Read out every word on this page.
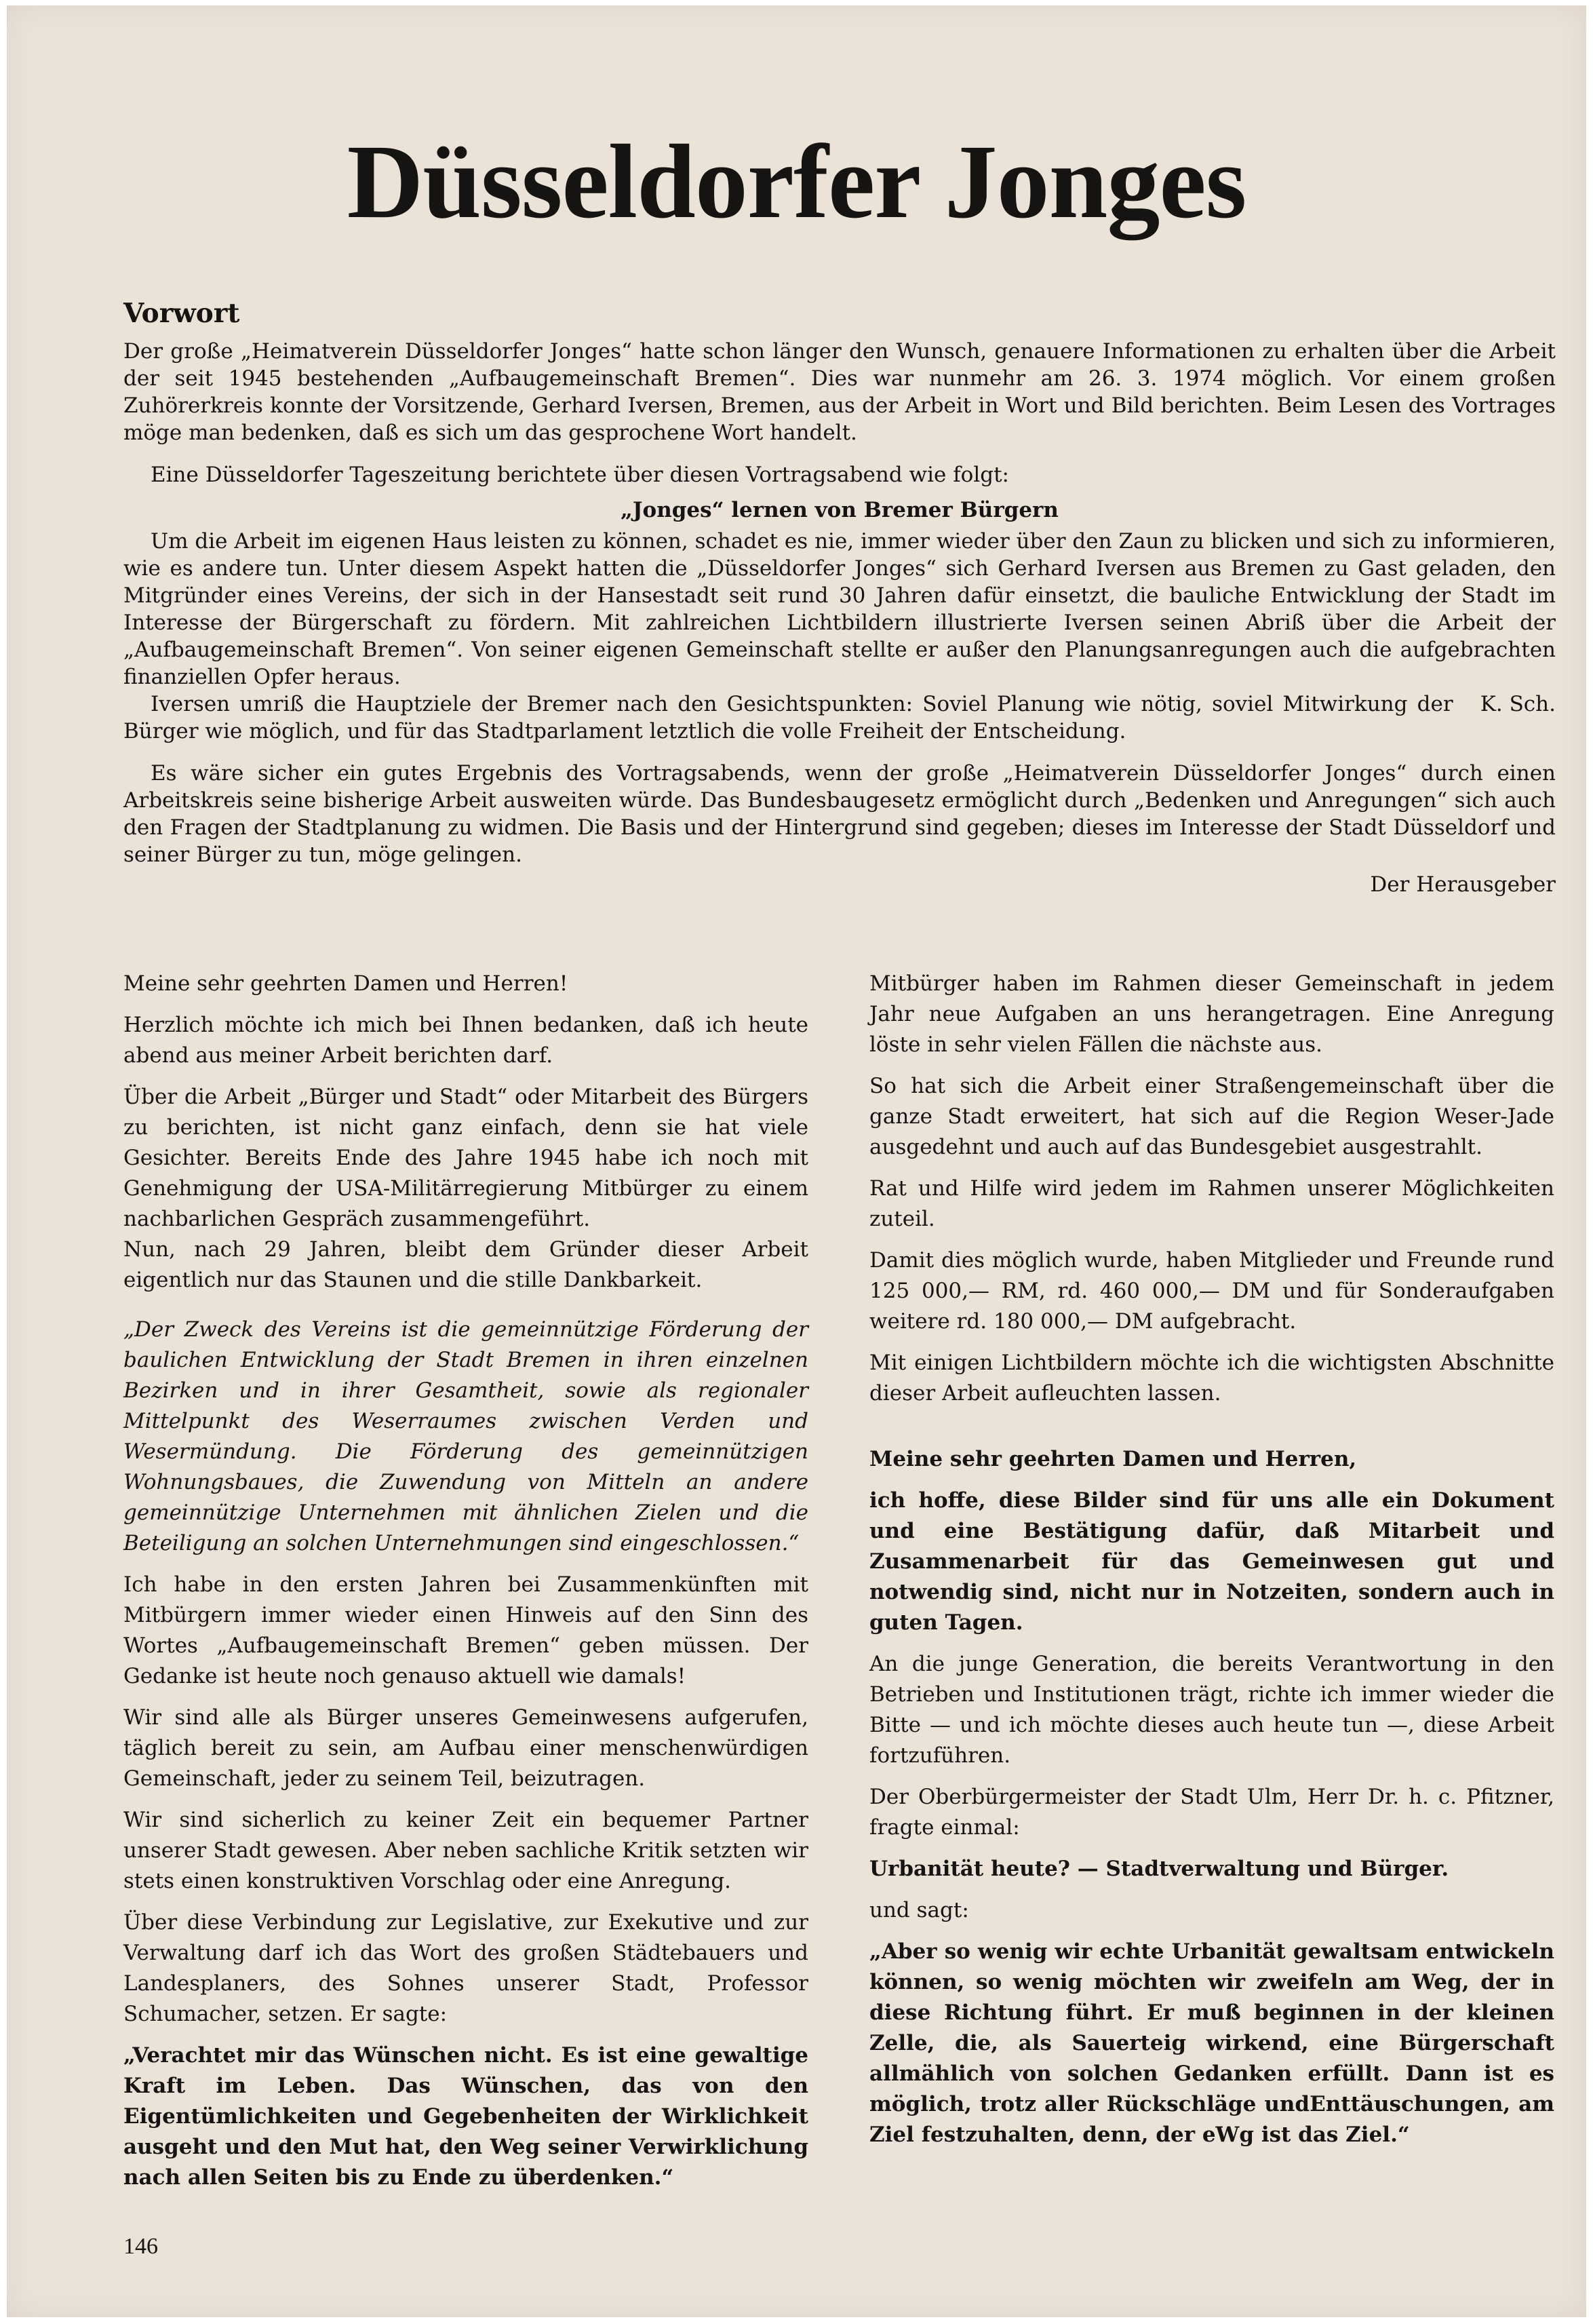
Düsseldorfer Jonges

Vorwort

Der große „Heimatverein Düsseldorfer Jonges“ hatte schon länger den Wunsch, genauere Informationen zu erhalten über die Arbeit der seit 1945 bestehenden „Aufbaugemeinschaft Bremen“. Dies war nunmehr am 26. 3. 1974 möglich. Vor einem großen Zuhörerkreis konnte der Vorsitzende, Gerhard Iversen, Bremen, aus der Arbeit in Wort und Bild berichten. Beim Lesen des Vortrages möge man bedenken, daß es sich um das gesprochene Wort handelt.

Eine Düsseldorfer Tageszeitung berichtete über diesen Vortragsabend wie folgt:

„Jonges“ lernen von Bremer Bürgern

Um die Arbeit im eigenen Haus leisten zu können, schadet es nie, immer wieder über den Zaun zu blicken und sich zu informieren, wie es andere tun. Unter diesem Aspekt hatten die „Düsseldorfer Jonges“ sich Gerhard Iversen aus Bremen zu Gast geladen, den Mitgründer eines Vereins, der sich in der Hansestadt seit rund 30 Jahren dafür einsetzt, die bauliche Entwicklung der Stadt im Interesse der Bürgerschaft zu fördern. Mit zahlreichen Lichtbildern illustrierte Iversen seinen Abriß über die Arbeit der „Aufbaugemeinschaft Bremen“. Von seiner eigenen Gemeinschaft stellte er außer den Planungsanregungen auch die aufgebrachten finanziellen Opfer heraus.

K. Sch.
Iversen umriß die Hauptziele der Bremer nach den Gesichtspunkten: Soviel Planung wie nötig, soviel Mitwirkung der Bürger wie möglich, und für das Stadtparlament letztlich die volle Freiheit der Entscheidung.

Es wäre sicher ein gutes Ergebnis des Vortragsabends, wenn der große „Heimatverein Düsseldorfer Jonges“ durch einen Arbeitskreis seine bisherige Arbeit ausweiten würde. Das Bundesbaugesetz ermöglicht durch „Bedenken und Anregungen“ sich auch den Fragen der Stadtplanung zu widmen. Die Basis und der Hintergrund sind gegeben; dieses im Interesse der Stadt Düsseldorf und seiner Bürger zu tun, möge gelingen.

Der Herausgeber

Meine sehr geehrten Damen und Herren!

Herzlich möchte ich mich bei Ihnen bedanken, daß ich heute abend aus meiner Arbeit berichten darf.

Über die Arbeit „Bürger und Stadt“ oder Mitarbeit des Bürgers zu berichten, ist nicht ganz einfach, denn sie hat viele Gesichter. Bereits Ende des Jahre 1945 habe ich noch mit Genehmigung der USA-Militärregierung Mitbürger zu einem nachbarlichen Gespräch zusammengeführt.

Nun, nach 29 Jahren, bleibt dem Gründer dieser Arbeit eigentlich nur das Staunen und die stille Dankbarkeit.

„Der Zweck des Vereins ist die gemeinnützige Förderung der baulichen Entwicklung der Stadt Bremen in ihren einzelnen Bezirken und in ihrer Gesamtheit, sowie als regionaler Mittelpunkt des Weserraumes zwischen Verden und Wesermündung. Die Förderung des gemeinnützigen Wohnungsbaues, die Zuwendung von Mitteln an andere gemeinnützige Unternehmen mit ähnlichen Zielen und die Beteiligung an solchen Unternehmungen sind eingeschlossen.“

Ich habe in den ersten Jahren bei Zusammenkünften mit Mitbürgern immer wieder einen Hinweis auf den Sinn des Wortes „Aufbaugemeinschaft Bremen“ geben müssen. Der Gedanke ist heute noch genauso aktuell wie damals!

Wir sind alle als Bürger unseres Gemeinwesens aufgerufen, täglich bereit zu sein, am Aufbau einer menschenwürdigen Gemeinschaft, jeder zu seinem Teil, beizutragen.

Wir sind sicherlich zu keiner Zeit ein bequemer Partner unserer Stadt gewesen. Aber neben sachliche Kritik setzten wir stets einen konstruktiven Vorschlag oder eine Anregung.

Über diese Verbindung zur Legislative, zur Exekutive und zur Verwaltung darf ich das Wort des großen Städtebauers und Landesplaners, des Sohnes unserer Stadt, Professor Schumacher, setzen. Er sagte:

„Verachtet mir das Wünschen nicht. Es ist eine gewaltige Kraft im Leben. Das Wünschen, das von den Eigentümlichkeiten und Gegebenheiten der Wirklichkeit ausgeht und den Mut hat, den Weg seiner Verwirklichung nach allen Seiten bis zu Ende zu überdenken.“

Mitbürger haben im Rahmen dieser Gemeinschaft in jedem Jahr neue Aufgaben an uns herangetragen. Eine Anregung löste in sehr vielen Fällen die nächste aus.

So hat sich die Arbeit einer Straßengemeinschaft über die ganze Stadt erweitert, hat sich auf die Region Weser-Jade ausgedehnt und auch auf das Bundesgebiet ausgestrahlt.

Rat und Hilfe wird jedem im Rahmen unserer Möglichkeiten zuteil.

Damit dies möglich wurde, haben Mitglieder und Freunde rund 125 000,— RM, rd. 460 000,— DM und für Sonderaufgaben weitere rd. 180 000,— DM aufgebracht.

Mit einigen Lichtbildern möchte ich die wichtigsten Abschnitte dieser Arbeit aufleuchten lassen.

Meine sehr geehrten Damen und Herren,

ich hoffe, diese Bilder sind für uns alle ein Dokument und eine Bestätigung dafür, daß Mitarbeit und Zusammenarbeit für das Gemeinwesen gut und notwendig sind, nicht nur in Notzeiten, sondern auch in guten Tagen.

An die junge Generation, die bereits Verantwortung in den Betrieben und Institutionen trägt, richte ich immer wieder die Bitte — und ich möchte dieses auch heute tun —, diese Arbeit fortzuführen.

Der Oberbürgermeister der Stadt Ulm, Herr Dr. h. c. Pfitzner, fragte einmal:

Urbanität heute? — Stadtverwaltung und Bürger.

und sagt:

„Aber so wenig wir echte Urbanität gewaltsam entwickeln können, so wenig möchten wir zweifeln am Weg, der in diese Richtung führt. Er muß beginnen in der kleinen Zelle, die, als Sauerteig wirkend, eine Bürgerschaft allmählich von solchen Gedanken erfüllt. Dann ist es möglich, trotz aller Rückschläge undEnttäuschungen, am Ziel festzuhalten, denn, der eWg ist das Ziel.“

146
